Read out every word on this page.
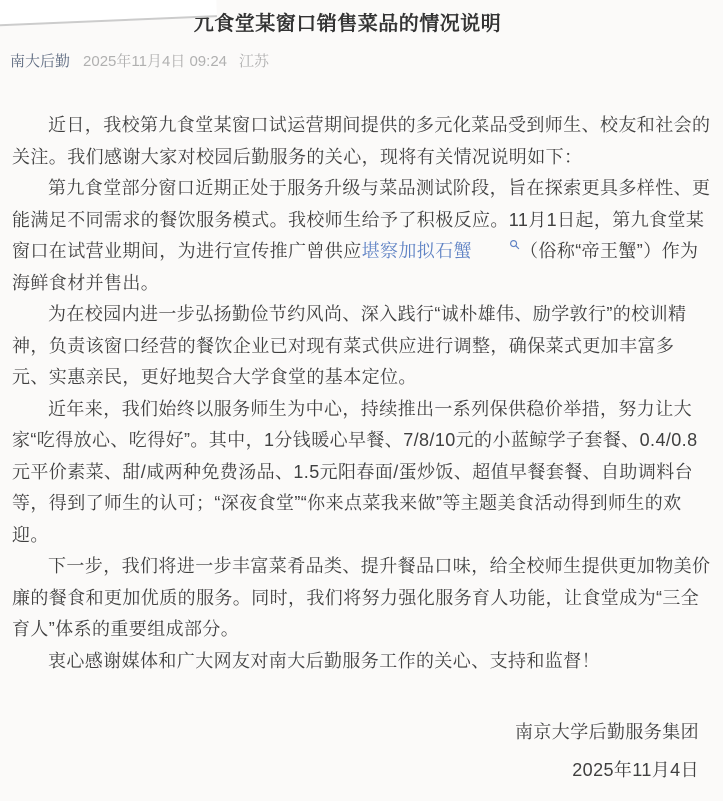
九食堂某窗口销售菜品的情况说明
南大后勤 2025年11月4日 09:24 江苏

近日，我校第九食堂某窗口试运营期间提供的多元化菜品受到师生、校友和社会的关注。我们感谢大家对校园后勤服务的关心，现将有关情况说明如下：

第九食堂部分窗口近期正处于服务升级与菜品测试阶段，旨在探索更具多样性、更能满足不同需求的餐饮服务模式。我校师生给予了积极反应。11月1日起，第九食堂某窗口在试营业期间，为进行宣传推广曾供应堪察加拟石蟹	（俗称“帝王蟹”）作为海鲜食材并售出。

为在校园内进一步弘扬勤俭节约风尚、深入践行“诚朴雄伟、励学敦行”的校训精神，负责该窗口经营的餐饮企业已对现有菜式供应进行调整，确保菜式更加丰富多元、实惠亲民，更好地契合大学食堂的基本定位。

近年来，我们始终以服务师生为中心，持续推出一系列保供稳价举措，努力让大家“吃得放心、吃得好”。其中，1分钱暖心早餐、7/8/10元的小蓝鲸学子套餐、0.4/0.8元平价素菜、甜/咸两种免费汤品、1.5元阳春面/蛋炒饭、超值早餐套餐、自助调料台等，得到了师生的认可；“深夜食堂”“你来点菜我来做”等主题美食活动得到师生的欢迎。

下一步，我们将进一步丰富菜肴品类、提升餐品口味，给全校师生提供更加物美价廉的餐食和更加优质的服务。同时，我们将努力强化服务育人功能，让食堂成为“三全育人”体系的重要组成部分。

衷心感谢媒体和广大网友对南大后勤服务工作的关心、支持和监督！

南京大学后勤服务集团

2025年11月4日
